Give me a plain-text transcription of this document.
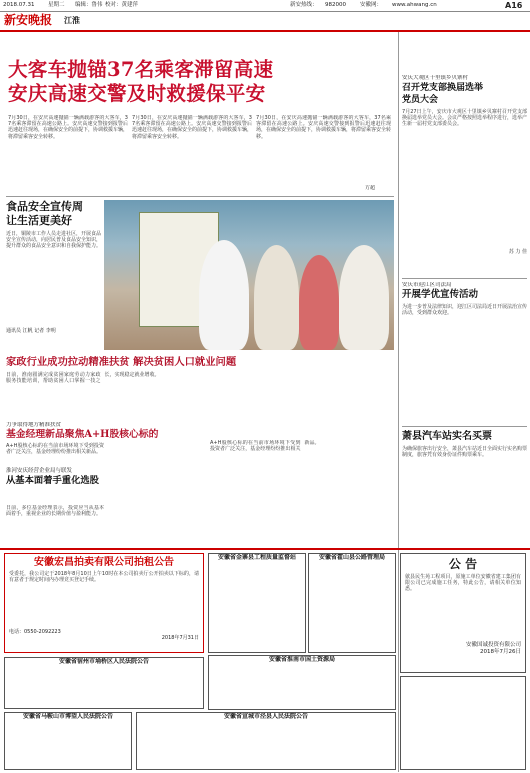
2018.07.31 星期二 编辑：鲁伟 校对：黄建萍	新安热线： 982000	安徽网： www.ahwang.cn	A16
新安晚报	江淮
大客车抛锚37名乘客滞留高速
安庆高速交警及时救援保平安
7月30日，在安庆高速抛锚一辆满载游客的大客车，37名乘客滞留在高速公路上。安庆高速交警接到报警后迅速赶往现场，在确保安全的前提下，协调救援车辆，将滞留乘客安全转移。
7月30日，在安庆高速抛锚一辆满载游客的大客车，37名乘客滞留在高速公路上。安庆高速交警接到报警后迅速赶往现场，在确保安全的前提下，协调救援车辆，将滞留乘客安全转移。
7月30日，在安庆高速抛锚一辆满载游客的大客车，37名乘客滞留在高速公路上。安庆高速交警接到报警后迅速赶往现场，在确保安全的前提下，协调救援车辆，将滞留乘客安全转移。
方超
食品安全宣传周
让生活更美好
近日，铜陵市工作人员走进社区，开展食品安全宣传活动，向居民普及食品安全知识，提升群众的食品安全意识和自我保护能力。
通讯员 江帆 记者 李明
家政行业成功拉动精准扶贫 解决贫困人口就业问题
日前，淮南圆满完成贫困家庭劳动力家政服务技能培训，帮助贫困人口掌握一技之长，实现稳定就业增收。
力争取得地方精准扶贫
基金经理新品聚焦A+H股核心标的
A+H股核心标的在当前市场环境下受到投资者广泛关注，基金经理纷纷推出相关新品。
淮河安庆经营企业局与联发
从基本面着手重化选股
日前，多位基金经理表示，投资应当从基本面着手，重视企业的长期价值与盈利能力。
A+H股核心标的在当前市场环境下受到投资者广泛关注，基金经理纷纷推出相关新品。
安庆大观区十里镇乡贝寨村
召开党支部换届选举
党员大会
7月27日上午，安庆市大观区十里镇乡贝寨村召开党支部换届选举党员大会。会议严格按照选举程序进行，选举产生新一届村党支部委员会。
苏 力 佳
安庆市迎江区司法局
开展学优宣传活动
为进一步普及法律知识，迎江区司法局近日开展法治宣传活动，受到群众欢迎。
萧县汽车站实名买票
为确保旅客出行安全，萧县汽车站近日全面实行实名购票制度，旅客凭有效身份证件购票乘车。
安徽宏昌拍卖有限公司拍租公告
受委托，我公司定于2018年8月10日上午10时在本公司拍卖厅公开拍卖以下标的，请有意者于规定时间内办理竞买登记手续。
电话：0550-2092223
2018年7月31日
安徽省金寨县工程质量监督站	安徽省霍山县公路管理局
安徽省淮南市国土资源局
公 告
歙县民生苑工程项目，原施工单位安徽省建工集团有限公司已完成施工任务，特此公告，请相关单位知悉。
安徽国诚投资有限公司
2018年7月26日
安徽省马鞍山市博望人民法院公告
安徽省宿州市埇桥区人民法院公告
安徽省宣城市泾县人民法院公告
